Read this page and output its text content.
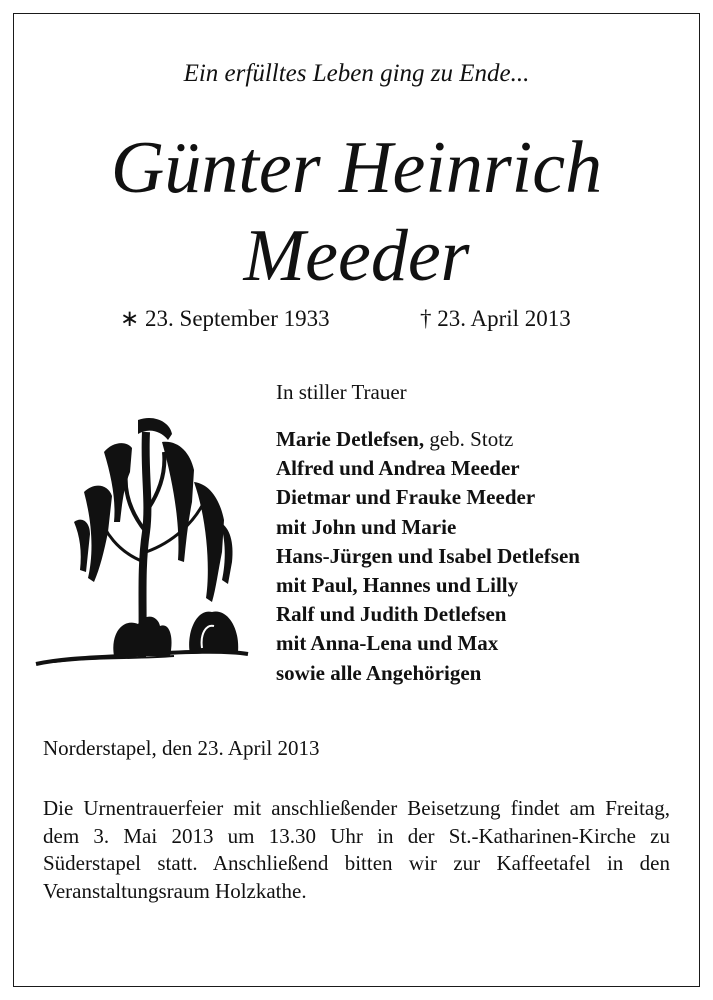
Ein erfülltes Leben ging zu Ende...
Günter Heinrich
Meeder
∗ 23. September 1933	† 23. April 2013
In stiller Trauer
Marie Detlefsen, geb. Stotz
Alfred und Andrea Meeder
Dietmar und Frauke Meeder
mit John und Marie
Hans-Jürgen und Isabel Detlefsen
mit Paul, Hannes und Lilly
Ralf und Judith Detlefsen
mit Anna-Lena und Max
sowie alle Angehörigen
Norderstapel, den 23. April 2013

Die Urnentrauerfeier mit anschließender Beisetzung findet am Freitag, dem 3. Mai 2013 um 13.30 Uhr in der St.-Katharinen-Kirche zu Süderstapel statt. Anschließend bitten wir zur Kaffeetafel in den Veranstaltungsraum Holzkathe.
